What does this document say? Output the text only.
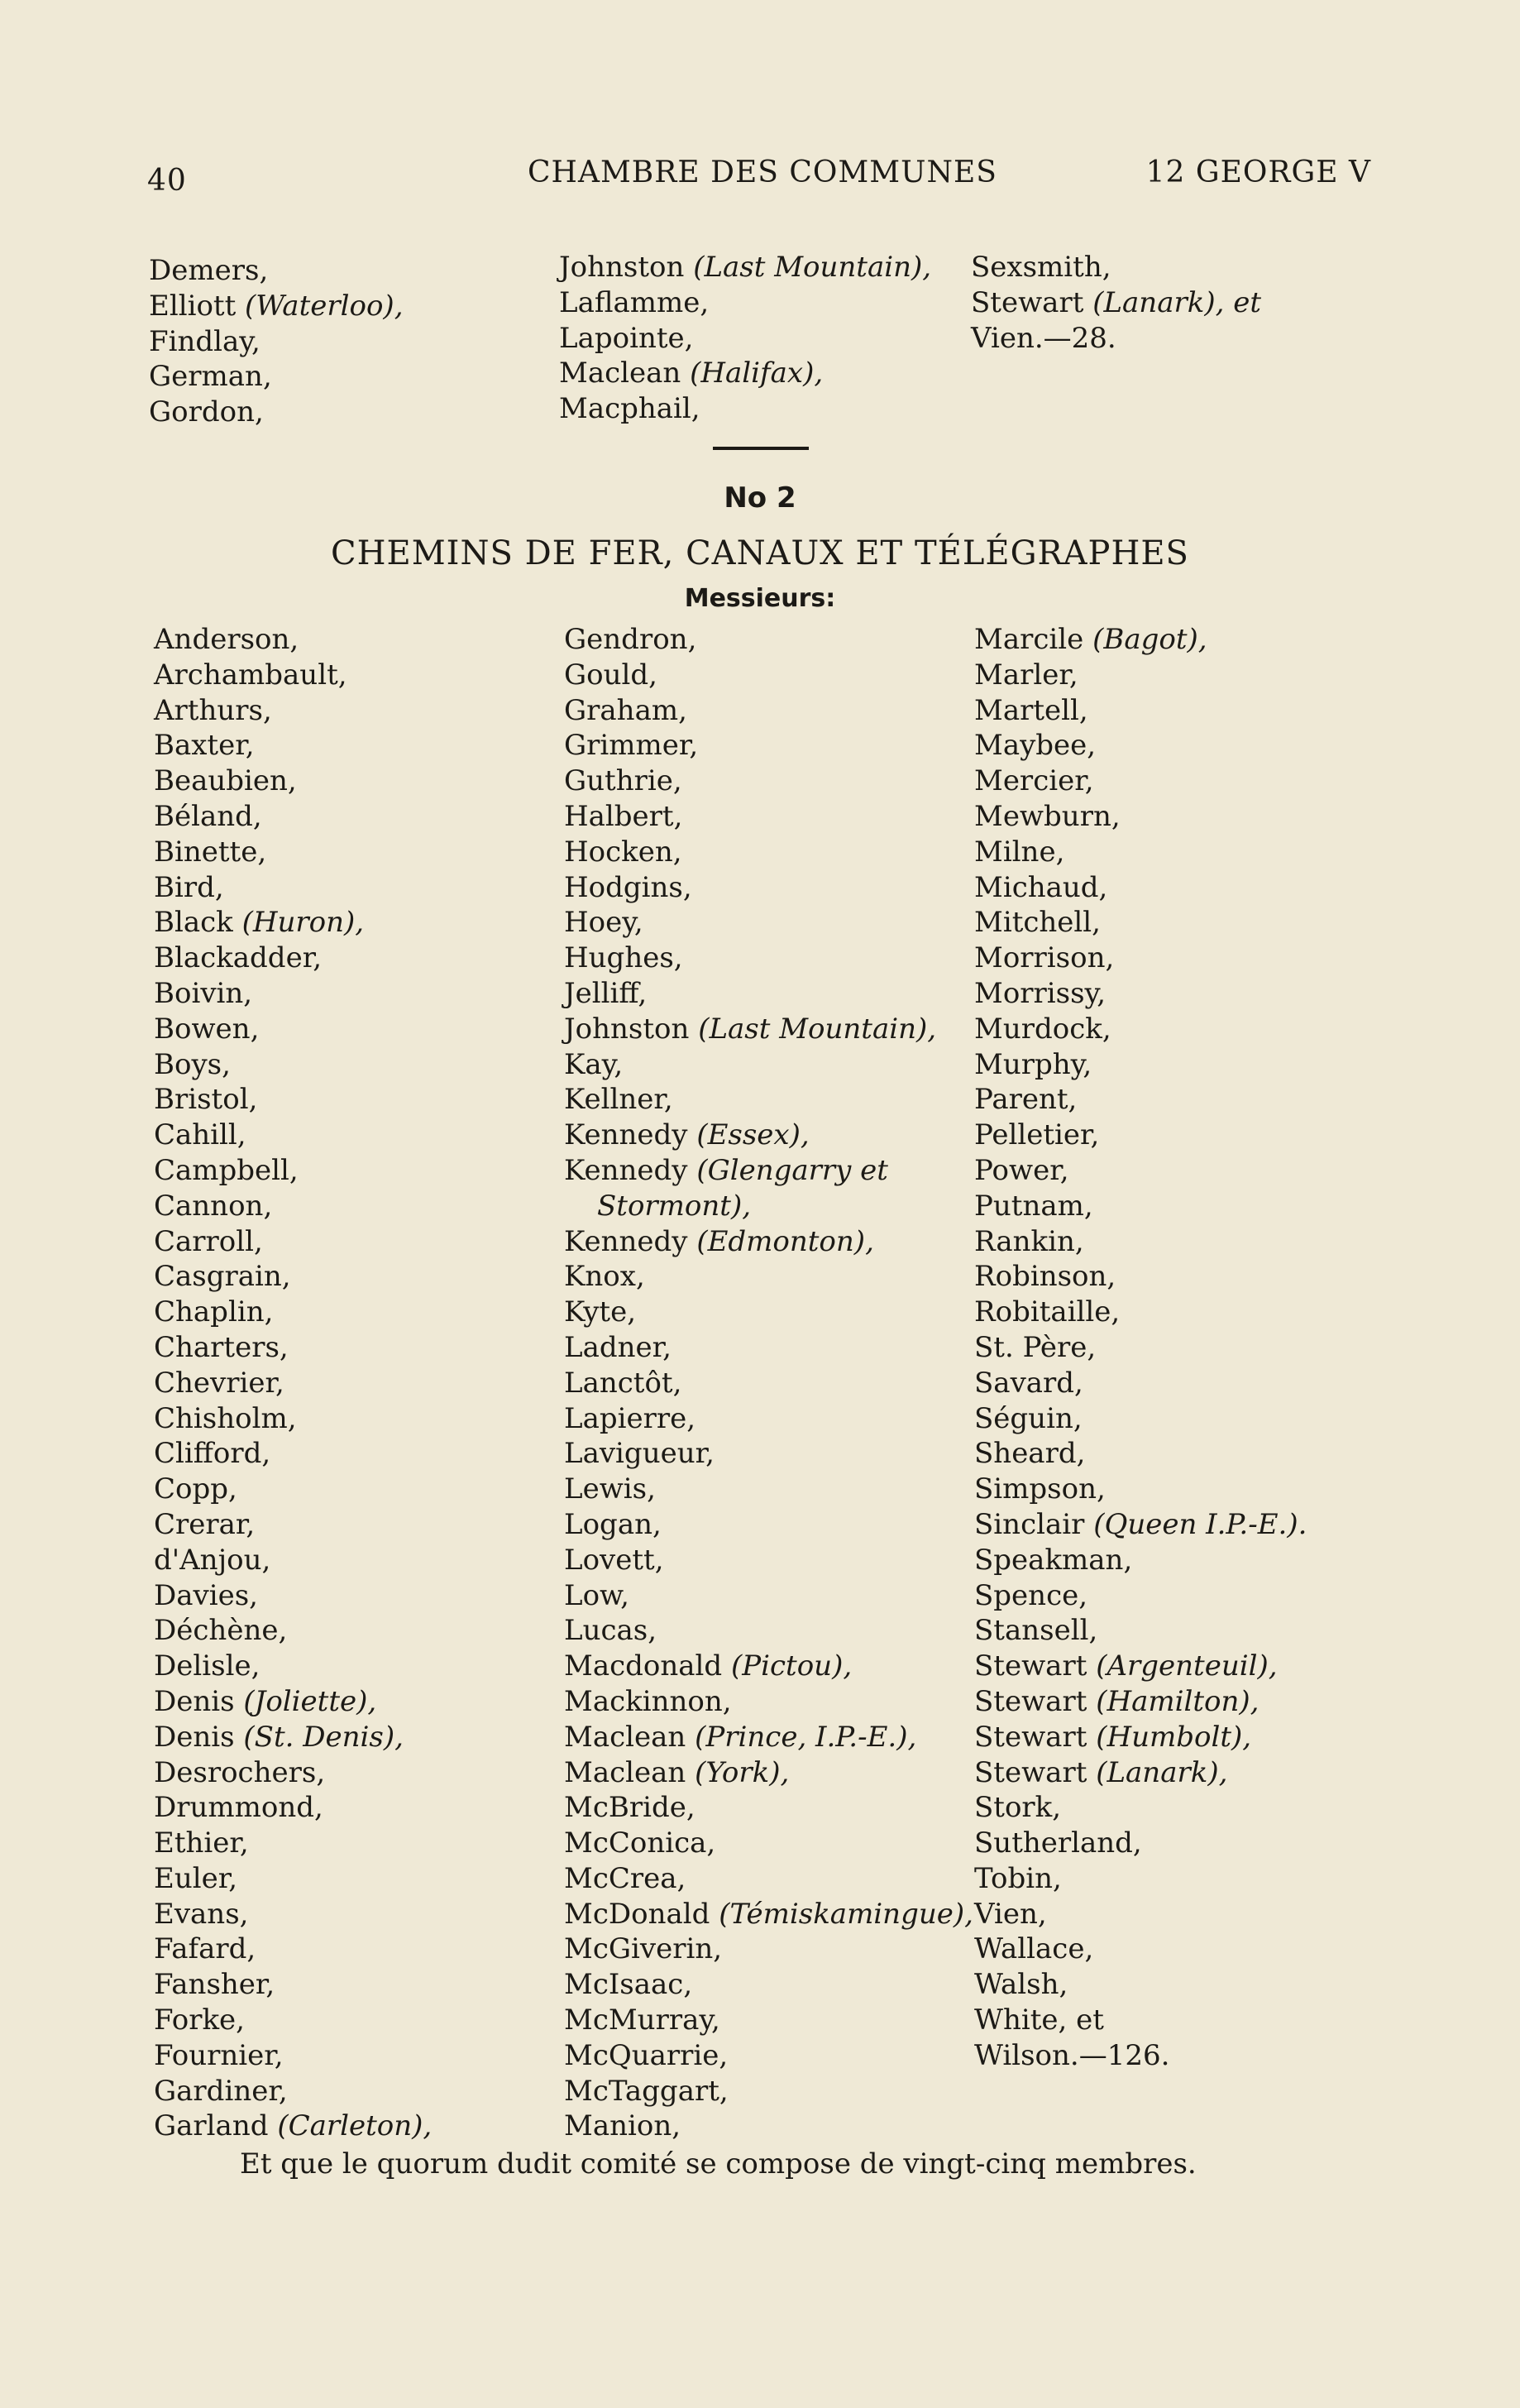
40	CHAMBRE DES COMMUNES	12 GEORGE V
Demers,
Elliott (Waterloo),
Findlay,
German,
Gordon,
Johnston (Last Mountain),
Laflamme,
Lapointe,
Maclean (Halifax),
Macphail,
Sexsmith,
Stewart (Lanark), et
Vien.—28.
No 2
CHEMINS DE FER, CANAUX ET TÉLÉGRAPHES
Messieurs:
Anderson,
Archambault,
Arthurs,
Baxter,
Beaubien,
Béland,
Binette,
Bird,
Black (Huron),
Blackadder,
Boivin,
Bowen,
Boys,
Bristol,
Cahill,
Campbell,
Cannon,
Carroll,
Casgrain,
Chaplin,
Charters,
Chevrier,
Chisholm,
Clifford,
Copp,
Crerar,
d'Anjou,
Davies,
Déchène,
Delisle,
Denis (Joliette),
Denis (St. Denis),
Desrochers,
Drummond,
Ethier,
Euler,
Evans,
Fafard,
Fansher,
Forke,
Fournier,
Gardiner,
Garland (Carleton),
Gendron,
Gould,
Graham,
Grimmer,
Guthrie,
Halbert,
Hocken,
Hodgins,
Hoey,
Hughes,
Jelliff,
Johnston (Last Mountain),
Kay,
Kellner,
Kennedy (Essex),
Kennedy (Glengarry et
Stormont),
Kennedy (Edmonton),
Knox,
Kyte,
Ladner,
Lanctôt,
Lapierre,
Lavigueur,
Lewis,
Logan,
Lovett,
Low,
Lucas,
Macdonald (Pictou),
Mackinnon,
Maclean (Prince, I.P.-E.),
Maclean (York),
McBride,
McConica,
McCrea,
McDonald (Témiskamingue),
McGiverin,
McIsaac,
McMurray,
McQuarrie,
McTaggart,
Manion,
Marcile (Bagot),
Marler,
Martell,
Maybee,
Mercier,
Mewburn,
Milne,
Michaud,
Mitchell,
Morrison,
Morrissy,
Murdock,
Murphy,
Parent,
Pelletier,
Power,
Putnam,
Rankin,
Robinson,
Robitaille,
St. Père,
Savard,
Séguin,
Sheard,
Simpson,
Sinclair (Queen I.P.-E.).
Speakman,
Spence,
Stansell,
Stewart (Argenteuil),
Stewart (Hamilton),
Stewart (Humbolt),
Stewart (Lanark),
Stork,
Sutherland,
Tobin,
Vien,
Wallace,
Walsh,
White, et
Wilson.—126.
Et que le quorum dudit comité se compose de vingt-cinq membres.
